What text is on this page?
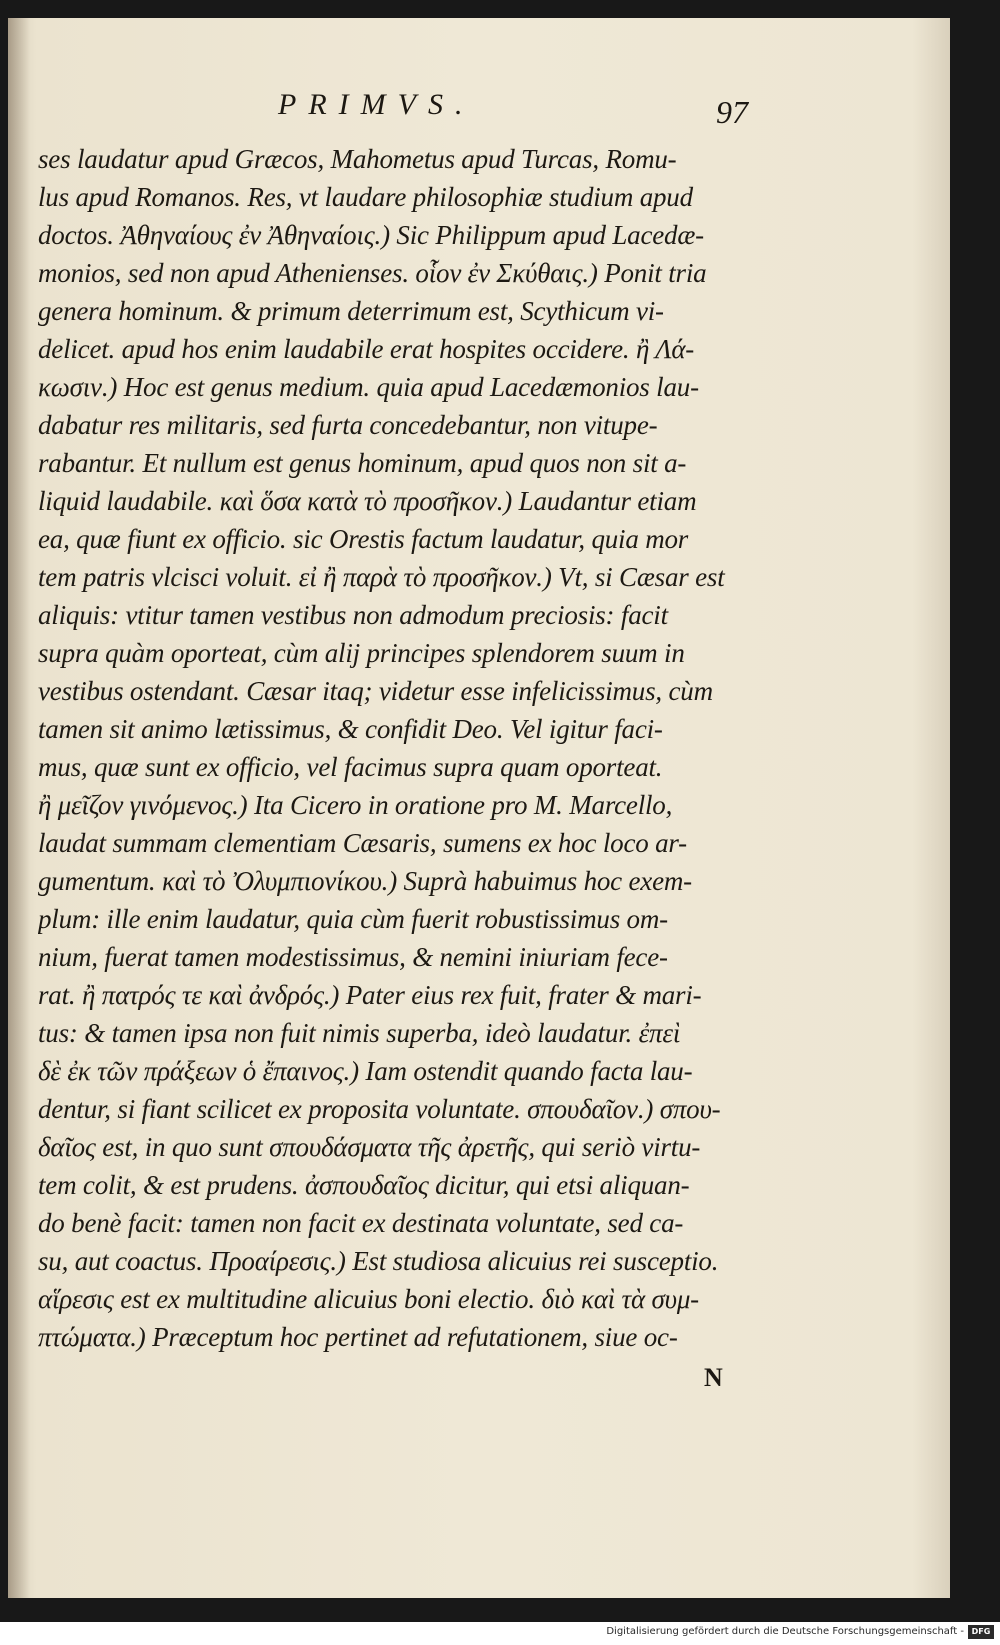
PRIMVS.	97
ses laudatur apud Græcos, Mahometus apud Turcas, Romu-
lus apud Romanos. Res, vt laudare philosophiæ studium apud
doctos. Ἀθηναίους ἐν Ἀθηναίοις.) Sic Philippum apud Lacedæ-
monios, sed non apud Athenienses. οἷον ἐν Σκύθαις.) Ponit tria
genera hominum. & primum deterrimum est, Scythicum vi-
delicet. apud hos enim laudabile erat hospites occidere. ἢ Λά-
κωσιν.) Hoc est genus medium. quia apud Lacedæmonios lau-
dabatur res militaris, sed furta concedebantur, non vitupe-
rabantur. Et nullum est genus hominum, apud quos non sit a-
liquid laudabile. καὶ ὅσα κατὰ τὸ προσῆκον.) Laudantur etiam
ea, quæ fiunt ex officio. sic Orestis factum laudatur, quia mor
tem patris vlcisci voluit. εἰ ἢ παρὰ τὸ προσῆκον.) Vt, si Cæsar est
aliquis: vtitur tamen vestibus non admodum preciosis: facit
supra quàm oporteat, cùm alij principes splendorem suum in
vestibus ostendant. Cæsar itaq; videtur esse infelicissimus, cùm
tamen sit animo lætissimus, & confidit Deo. Vel igitur faci-
mus, quæ sunt ex officio, vel facimus supra quam oporteat.
ἢ μεῖζον γινόμενος.) Ita Cicero in oratione pro M. Marcello,
laudat summam clementiam Cæsaris, sumens ex hoc loco ar-
gumentum. καὶ τὸ Ὀλυμπιονίκου.) Suprà habuimus hoc exem-
plum: ille enim laudatur, quia cùm fuerit robustissimus om-
nium, fuerat tamen modestissimus, & nemini iniuriam fece-
rat. ἢ πατρός τε καὶ ἀνδρός.) Pater eius rex fuit, frater & mari-
tus: & tamen ipsa non fuit nimis superba, ideò laudatur. ἐπεὶ
δὲ ἐκ τῶν πράξεων ὁ ἔπαινος.) Iam ostendit quando facta lau-
dentur, si fiant scilicet ex proposita voluntate. σπουδαῖον.) σπου-
δαῖος est, in quo sunt σπουδάσματα τῆς ἀρετῆς, qui seriò virtu-
tem colit, & est prudens. ἀσπουδαῖος dicitur, qui etsi aliquan-
do benè facit: tamen non facit ex destinata voluntate, sed ca-
su, aut coactus. Προαίρεσις.) Est studiosa alicuius rei susceptio.
αἵρεσις est ex multitudine alicuius boni electio. διὸ καὶ τὰ συμ-
πτώματα.) Præceptum hoc pertinet ad refutationem, siue oc-
N
Digitalisierung gefördert durch die Deutsche Forschungsgemeinschaft - DFG
